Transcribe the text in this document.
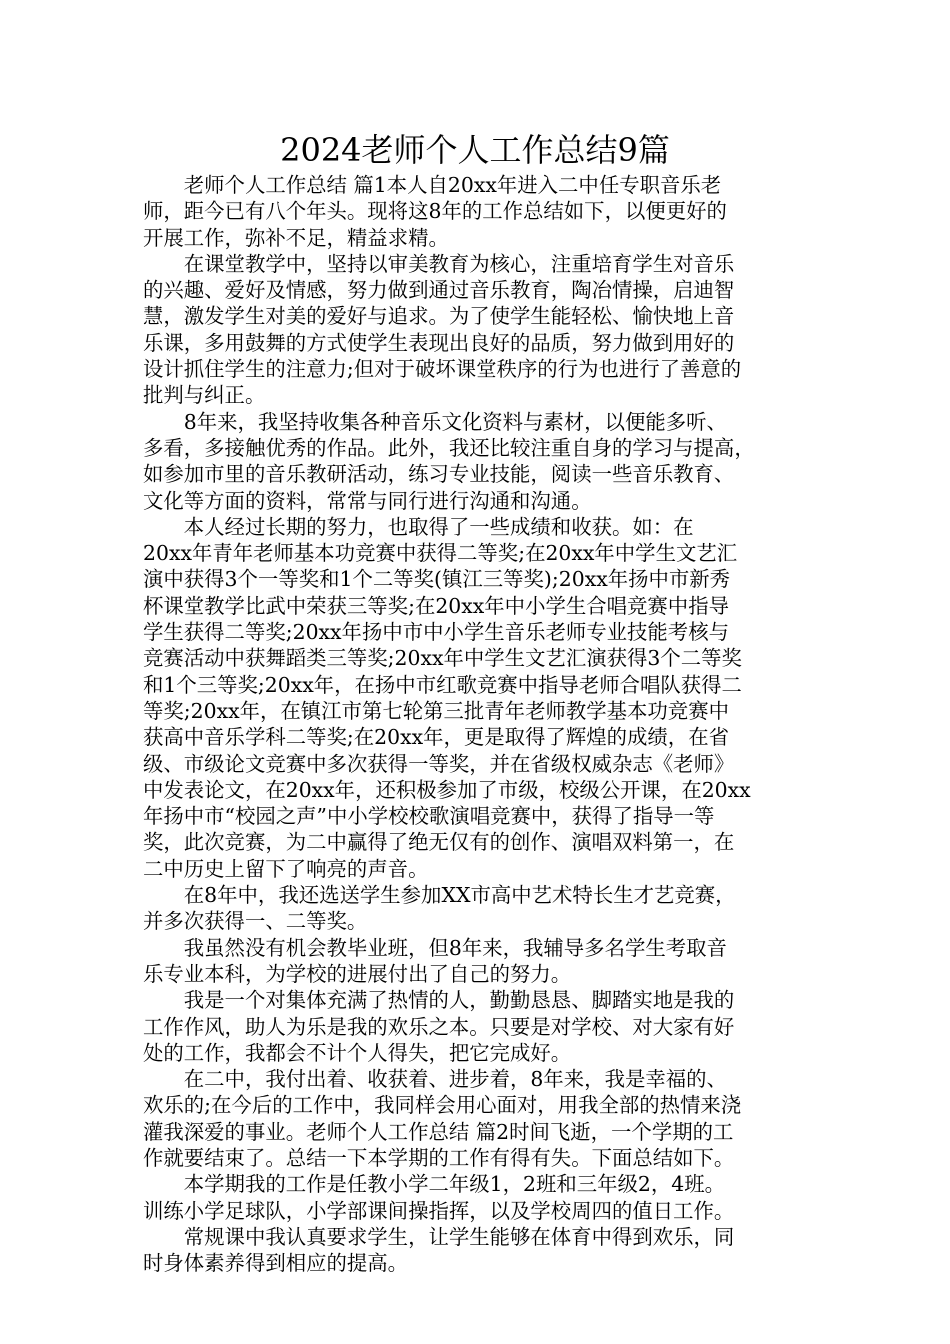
2024老师个人工作总结9篇
　　老师个人工作总结 篇1本人自20xx年进入二中任专职音乐老
师，距今已有八个年头。现将这8年的工作总结如下，以便更好的
开展工作，弥补不足，精益求精。
　　在课堂教学中，坚持以审美教育为核心，注重培育学生对音乐
的兴趣、爱好及情感，努力做到通过音乐教育，陶冶情操，启迪智
慧，激发学生对美的爱好与追求。为了使学生能轻松、愉快地上音
乐课，多用鼓舞的方式使学生表现出良好的品质，努力做到用好的
设计抓住学生的注意力;但对于破坏课堂秩序的行为也进行了善意的
批判与纠正。
　　8年来，我坚持收集各种音乐文化资料与素材，以便能多听、
多看，多接触优秀的作品。此外，我还比较注重自身的学习与提高，
如参加市里的音乐教研活动，练习专业技能，阅读一些音乐教育、
文化等方面的资料，常常与同行进行沟通和沟通。
　　本人经过长期的努力，也取得了一些成绩和收获。如：在
20xx年青年老师基本功竞赛中获得二等奖;在20xx年中学生文艺汇
演中获得3个一等奖和1个二等奖(镇江三等奖);20xx年扬中市新秀
杯课堂教学比武中荣获三等奖;在20xx年中小学生合唱竞赛中指导
学生获得二等奖;20xx年扬中市中小学生音乐老师专业技能考核与
竞赛活动中获舞蹈类三等奖;20xx年中学生文艺汇演获得3个二等奖
和1个三等奖;20xx年，在扬中市红歌竞赛中指导老师合唱队获得二
等奖;20xx年，在镇江市第七轮第三批青年老师教学基本功竞赛中
获高中音乐学科二等奖;在20xx年，更是取得了辉煌的成绩，在省
级、市级论文竞赛中多次获得一等奖，并在省级权威杂志《老师》
中发表论文，在20xx年，还积极参加了市级，校级公开课，在20xx
年扬中市“校园之声”中小学校校歌演唱竞赛中，获得了指导一等
奖，此次竞赛，为二中赢得了绝无仅有的创作、演唱双料第一，在
二中历史上留下了响亮的声音。
　　在8年中，我还选送学生参加XX市高中艺术特长生才艺竞赛，
并多次获得一、二等奖。
　　我虽然没有机会教毕业班，但8年来，我辅导多名学生考取音
乐专业本科，为学校的进展付出了自己的努力。
　　我是一个对集体充满了热情的人，勤勤恳恳、脚踏实地是我的
工作作风，助人为乐是我的欢乐之本。只要是对学校、对大家有好
处的工作，我都会不计个人得失，把它完成好。
　　在二中，我付出着、收获着、进步着，8年来，我是幸福的、
欢乐的;在今后的工作中，我同样会用心面对，用我全部的热情来浇
灌我深爱的事业。老师个人工作总结 篇2时间飞逝，一个学期的工
作就要结束了。总结一下本学期的工作有得有失。下面总结如下。
　　本学期我的工作是任教小学二年级1，2班和三年级2，4班。
训练小学足球队，小学部课间操指挥，以及学校周四的值日工作。
　　常规课中我认真要求学生，让学生能够在体育中得到欢乐，同
时身体素养得到相应的提高。
